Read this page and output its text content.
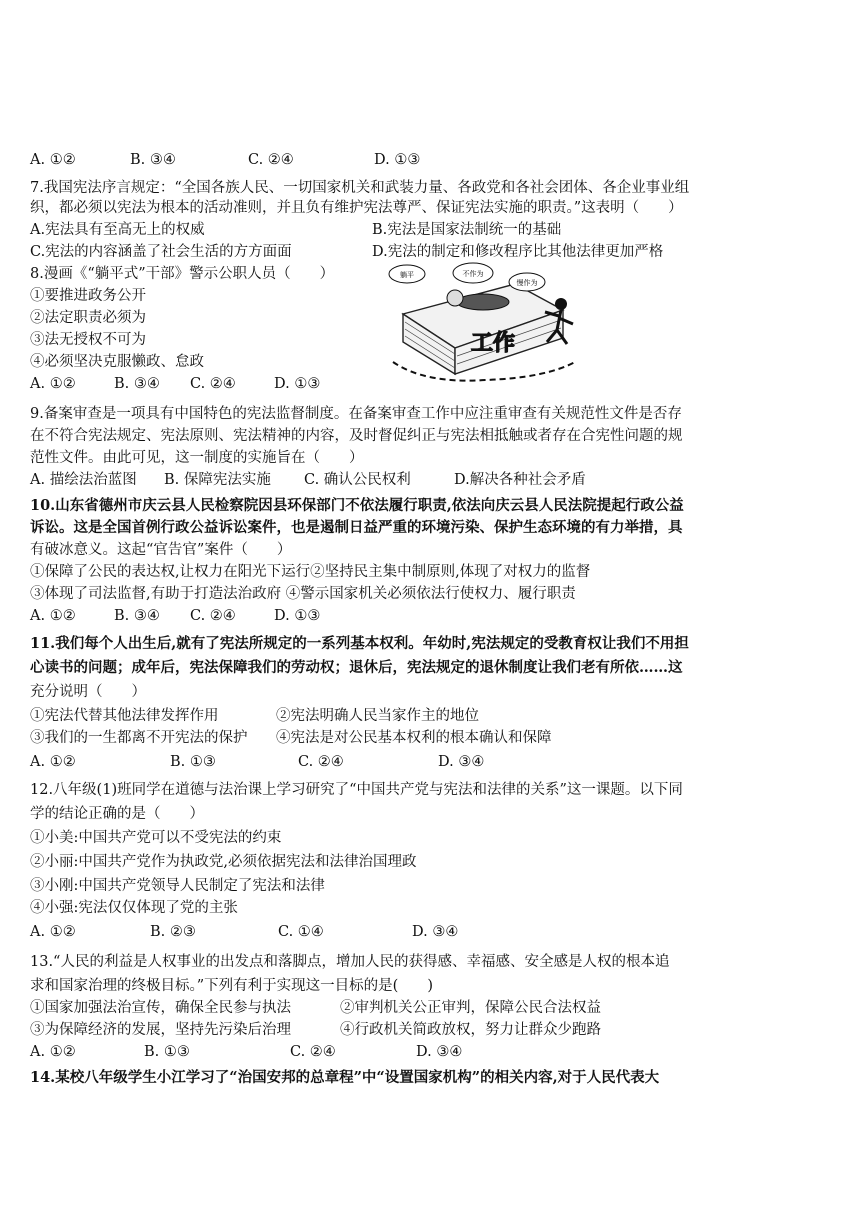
A. ①②	B. ③④	C. ②④	D. ①③
7.我国宪法序言规定：“全国各族人民、一切国家机关和武装力量、各政党和各社会团体、各企业事业组
织，都必须以宪法为根本的活动准则，并且负有维护宪法尊严、保证宪法实施的职责。”这表明（　　）
A.宪法具有至高无上的权威	B.宪法是国家法制统一的基础
C.宪法的内容涵盖了社会生活的方方面面	D.宪法的制定和修改程序比其他法律更加严格
8.漫画《“躺平式”干部》警示公职人员（　　）
①要推进政务公开
②法定职责必须为
③法无授权不可为
④必须坚决克服懒政、怠政
A. ①②	B. ③④	C. ②④	D. ①③
工作
躺平	不作为
慢作为
9.备案审查是一项具有中国特色的宪法监督制度。在备案审查工作中应注重审查有关规范性文件是否存
在不符合宪法规定、宪法原则、宪法精神的内容，及时督促纠正与宪法相抵触或者存在合宪性问题的规
范性文件。由此可见，这一制度的实施旨在（　　）
A. 描绘法治蓝图	B. 保障宪法实施	C. 确认公民权利	D.解决各种社会矛盾
10.山东省德州市庆云县人民检察院因县环保部门不依法履行职责,依法向庆云县人民法院提起行政公益
诉讼。这是全国首例行政公益诉讼案件，也是遏制日益严重的环境污染、保护生态环境的有力举措，具
有破冰意义。这起“官告官”案件（　　）
①保障了公民的表达权,让权力在阳光下运行②坚持民主集中制原则,体现了对权力的监督
③体现了司法监督,有助于打造法治政府 ④警示国家机关必须依法行使权力、履行职责
A. ①②	B. ③④	C. ②④	D. ①③
11.我们每个人出生后,就有了宪法所规定的一系列基本权利。年幼时,宪法规定的受教育权让我们不用担
心读书的问题；成年后，宪法保障我们的劳动权；退休后，宪法规定的退休制度让我们老有所依……这
充分说明（　　）
①宪法代替其他法律发挥作用	②宪法明确人民当家作主的地位
③我们的一生都离不开宪法的保护 ④宪法是对公民基本权利的根本确认和保障
A. ①②	B. ①③	C. ②④	D. ③④
12.八年级(1)班同学在道德与法治课上学习研究了“中国共产党与宪法和法律的关系”这一课题。以下同
学的结论正确的是（　　）
①小美:中国共产党可以不受宪法的约束
②小丽:中国共产党作为执政党,必须依据宪法和法律治国理政
③小刚:中国共产党领导人民制定了宪法和法律
④小强:宪法仅仅体现了党的主张
A. ①②	B. ②③	C. ①④	D. ③④
13.“人民的利益是人权事业的出发点和落脚点，增加人民的获得感、幸福感、安全感是人权的根本追
求和国家治理的终极目标。”下列有利于实现这一目标的是(　　)
①国家加强法治宣传，确保全民参与执法	②审判机关公正审判，保障公民合法权益
③为保障经济的发展，坚持先污染后治理	④行政机关简政放权，努力让群众少跑路
A. ①②	B. ①③	C. ②④	D. ③④
14.某校八年级学生小江学习了“治国安邦的总章程”中“设置国家机构”的相关内容,对于人民代表大
